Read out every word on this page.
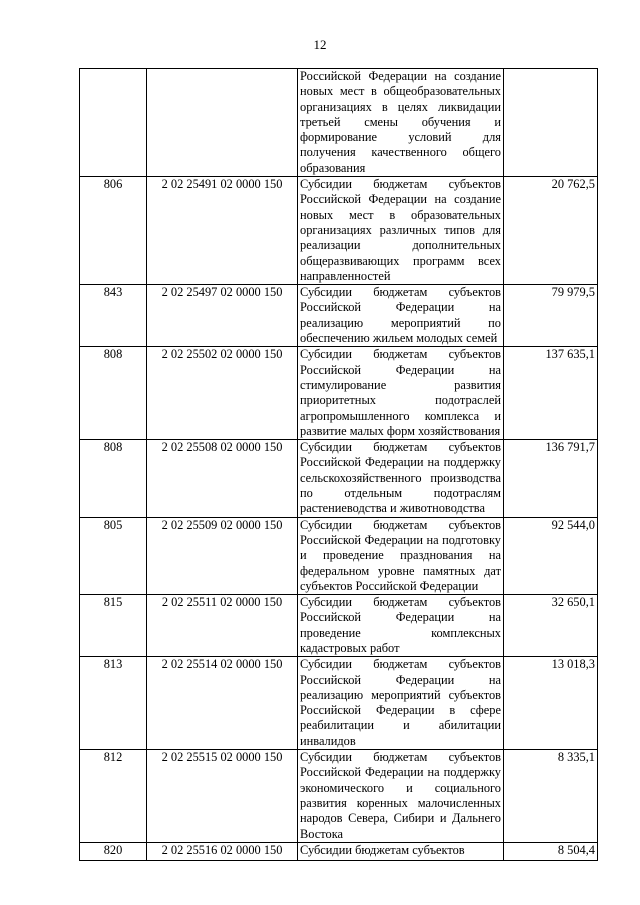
12
		Российской Федерации на создание новых мест в общеобразовательных организациях в целях ликвидации третьей смены обучения и формирование условий для получения качественного общего образования	
806	2 02 25491 02 0000 150	Субсидии бюджетам субъектов Российской Федерации на создание новых мест в образовательных организациях различных типов для реализации дополнительных общеразвивающих программ всех направленностей	20 762,5
843	2 02 25497 02 0000 150	Субсидии бюджетам субъектов Российской Федерации на реализацию мероприятий по обеспечению жильем молодых семей	79 979,5
808	2 02 25502 02 0000 150	Субсидии бюджетам субъектов Российской Федерации на стимулирование развития приоритетных подотраслей агропромышленного комплекса и развитие малых форм хозяйствования	137 635,1
808	2 02 25508 02 0000 150	Субсидии бюджетам субъектов Российской Федерации на поддержку сельскохозяйственного производства по отдельным подотраслям растениеводства и животноводства	136 791,7
805	2 02 25509 02 0000 150	Субсидии бюджетам субъектов Российской Федерации на подготовку и проведение празднования на федеральном уровне памятных дат субъектов Российской Федерации	92 544,0
815	2 02 25511 02 0000 150	Субсидии бюджетам субъектов Российской Федерации на проведение комплексных кадастровых работ	32 650,1
813	2 02 25514 02 0000 150	Субсидии бюджетам субъектов Российской Федерации на реализацию мероприятий субъектов Российской Федерации в сфере реабилитации и абилитации инвалидов	13 018,3
812	2 02 25515 02 0000 150	Субсидии бюджетам субъектов Российской Федерации на поддержку экономического и социального развития коренных малочисленных народов Севера, Сибири и Дальнего Востока	8 335,1
820	2 02 25516 02 0000 150	Субсидии бюджетам субъектов	8 504,4
